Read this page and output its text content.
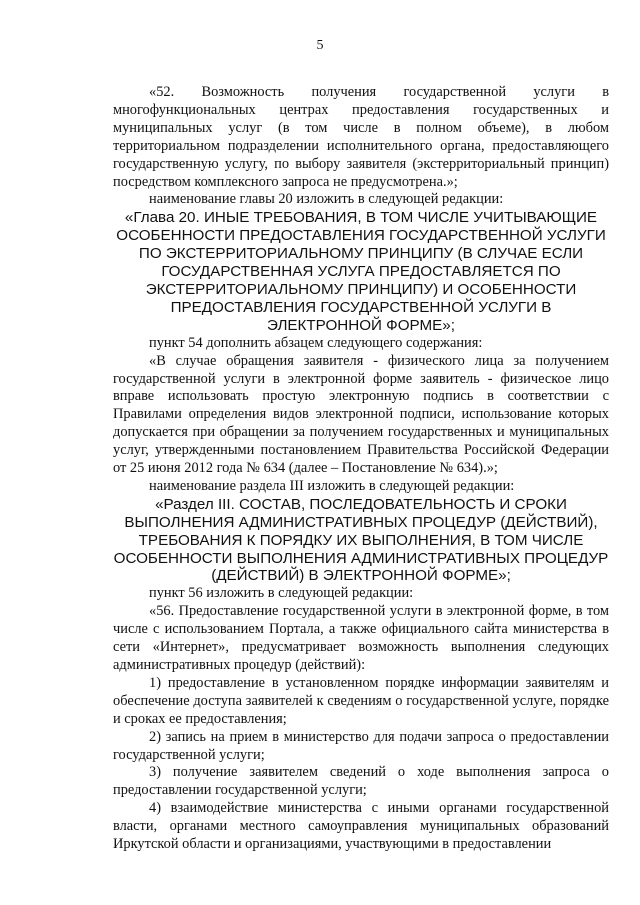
5

«52. Возможность получения государственной услуги в многофункциональных центрах предоставления государственных и муниципальных услуг (в том числе в полном объеме), в любом территориальном подразделении исполнительного органа, предоставляющего государственную услугу, по выбору заявителя (экстерриториальный принцип) посредством комплексного запроса не предусмотрена.»;

наименование главы 20 изложить в следующей редакции:

«Глава 20. ИНЫЕ ТРЕБОВАНИЯ, В ТОМ ЧИСЛЕ УЧИТЫВАЮЩИЕ ОСОБЕННОСТИ ПРЕДОСТАВЛЕНИЯ ГОСУДАРСТВЕННОЙ УСЛУГИ ПО ЭКСТЕРРИТОРИАЛЬНОМУ ПРИНЦИПУ (В СЛУЧАЕ ЕСЛИ ГОСУДАРСТВЕННАЯ УСЛУГА ПРЕДОСТАВЛЯЕТСЯ ПО ЭКСТЕРРИТОРИАЛЬНОМУ ПРИНЦИПУ) И ОСОБЕННОСТИ ПРЕДОСТАВЛЕНИЯ ГОСУДАРСТВЕННОЙ УСЛУГИ В ЭЛЕКТРОННОЙ ФОРМЕ»;

пункт 54 дополнить абзацем следующего содержания:

«В случае обращения заявителя - физического лица за получением государственной услуги в электронной форме заявитель - физическое лицо вправе использовать простую электронную подпись в соответствии с Правилами определения видов электронной подписи, использование которых допускается при обращении за получением государственных и муниципальных услуг, утвержденными постановлением Правительства Российской Федерации от 25 июня 2012 года № 634 (далее – Постановление № 634).»;

наименование раздела III изложить в следующей редакции:

«Раздел III. СОСТАВ, ПОСЛЕДОВАТЕЛЬНОСТЬ И СРОКИ ВЫПОЛНЕНИЯ АДМИНИСТРАТИВНЫХ ПРОЦЕДУР (ДЕЙСТВИЙ), ТРЕБОВАНИЯ К ПОРЯДКУ ИХ ВЫПОЛНЕНИЯ, В ТОМ ЧИСЛЕ ОСОБЕННОСТИ ВЫПОЛНЕНИЯ АДМИНИСТРАТИВНЫХ ПРОЦЕДУР (ДЕЙСТВИЙ) В ЭЛЕКТРОННОЙ ФОРМЕ»;

пункт 56 изложить в следующей редакции:

«56. Предоставление государственной услуги в электронной форме, в том числе с использованием Портала, а также официального сайта министерства в сети «Интернет», предусматривает возможность выполнения следующих административных процедур (действий):

1) предоставление в установленном порядке информации заявителям и обеспечение доступа заявителей к сведениям о государственной услуге, порядке и сроках ее предоставления;

2) запись на прием в министерство для подачи запроса о предоставлении государственной услуги;

3) получение заявителем сведений о ходе выполнения запроса о предоставлении государственной услуги;

4) взаимодействие министерства с иными органами государственной власти, органами местного самоуправления муниципальных образований Иркутской области и организациями, участвующими в предоставлении
